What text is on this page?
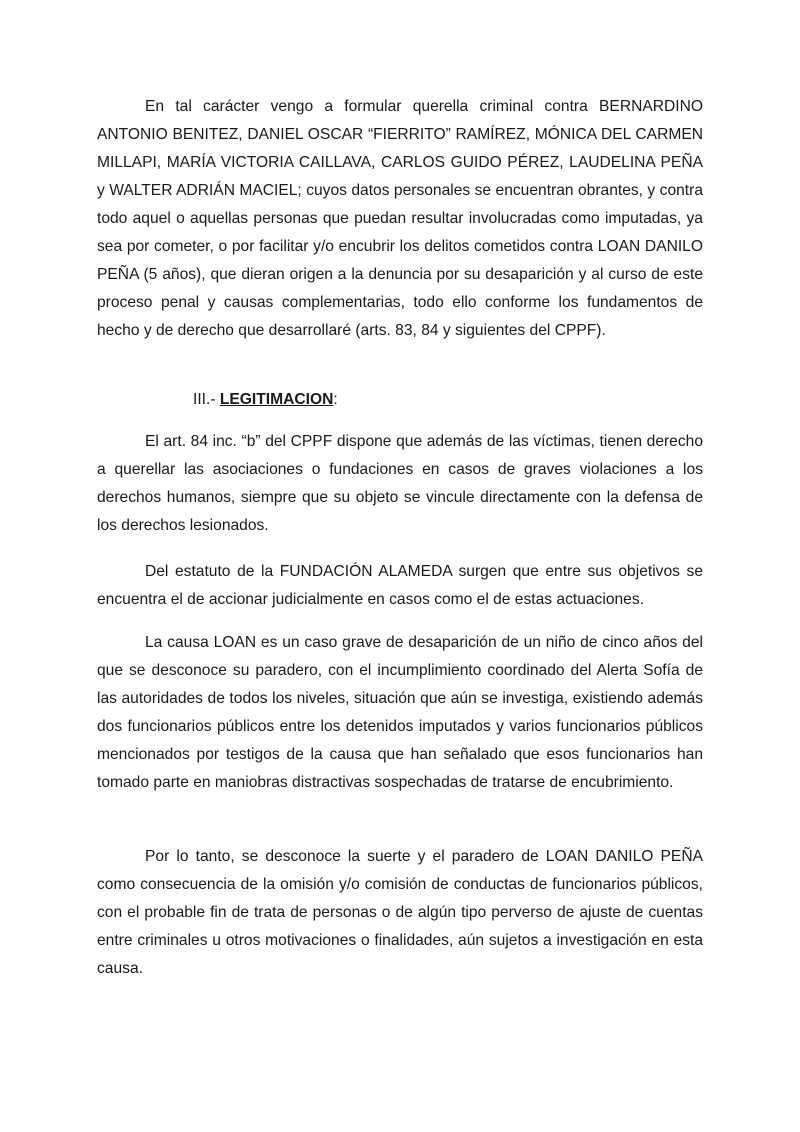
En tal carácter vengo a formular querella criminal contra BERNARDINO ANTONIO BENITEZ, DANIEL OSCAR “FIERRITO” RAMÍREZ, MÓNICA DEL CARMEN MILLAPI, MARÍA VICTORIA CAILLAVA, CARLOS GUIDO PÉREZ, LAUDELINA PEÑA y WALTER ADRIÁN MACIEL; cuyos datos personales se encuentran obrantes, y contra todo aquel o aquellas personas que puedan resultar involucradas como imputadas, ya sea por cometer, o por facilitar y/o encubrir los delitos cometidos contra LOAN DANILO PEÑA (5 años), que dieran origen a la denuncia por su desaparición y al curso de este proceso penal y causas complementarias, todo ello conforme los fundamentos de hecho y de derecho que desarrollaré (arts. 83, 84 y siguientes del CPPF).

III.- LEGITIMACION:

El art. 84 inc. “b” del CPPF dispone que además de las víctimas, tienen derecho a querellar las asociaciones o fundaciones en casos de graves violaciones a los derechos humanos, siempre que su objeto se vincule directamente con la defensa de los derechos lesionados.

Del estatuto de la FUNDACIÓN ALAMEDA surgen que entre sus objetivos se encuentra el de accionar judicialmente en casos como el de estas actuaciones.

La causa LOAN es un caso grave de desaparición de un niño de cinco años del que se desconoce su paradero, con el incumplimiento coordinado del Alerta Sofía de las autoridades de todos los niveles, situación que aún se investiga, existiendo además dos funcionarios públicos entre los detenidos imputados y varios funcionarios públicos mencionados por testigos de la causa que han señalado que esos funcionarios han tomado parte en maniobras distractivas sospechadas de tratarse de encubrimiento.

Por lo tanto, se desconoce la suerte y el paradero de LOAN DANILO PEÑA como consecuencia de la omisión y/o comisión de conductas de funcionarios públicos, con el probable fin de trata de personas o de algún tipo perverso de ajuste de cuentas entre criminales u otros motivaciones o finalidades, aún sujetos a investigación en esta causa.
